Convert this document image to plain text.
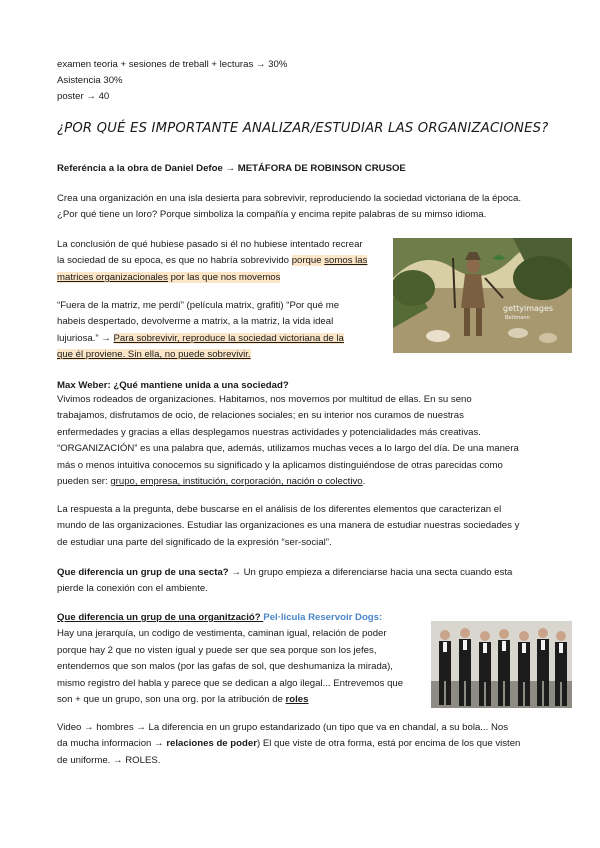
examen teoria + sesiones de treball + lecturas → 30%

Asistencia 30%

poster → 40

¿POR QUÉ ES IMPORTANTE ANALIZAR/ESTUDIAR LAS ORGANIZACIONES?

Referéncia a la obra de Daniel Defoe → METÁFORA DE ROBINSON CRUSOE

Crea una organización en una isla desierta para sobrevivir, reproduciendo la sociedad victoriana de la época.
¿Por qué tiene un loro? Porque simboliza la compañía y encima repite palabras de su mimso idioma.

La conclusión de qué hubiese pasado si él no hubiese intentado recrear
la sociedad de su epoca, es que no habría sobrevivido porque somos las
matrices organizacionales por las que nos movemos

“Fuera de la matriz, me perdí” (película matrix, grafiti) “Por qué me
habeis despertado, devolverme a matrix, a la matriz, la vida ideal
lujuriosa.” → Para sobrevivir, reproduce la sociedad victoriana de la
que él proviene. Sin ella, no puede sobrevivir.

gettyimages
Bettmann

Max Weber: ¿Qué mantiene unida a una sociedad?

Vivimos rodeados de organizaciones. Habitamos, nos movemos por multitud de ellas. En su seno
trabajamos, disfrutamos de ocio, de relaciones sociales; en su interior nos curamos de nuestras
enfermedades y gracias a ellas desplegamos nuestras actividades y potencialidades más creativas.
“ORGANIZACIÓN” es una palabra que, además, utilizamos muchas veces a lo largo del día. De una manera
más o menos intuitiva conocemos su significado y la aplicamos distinguiéndose de otras parecidas como
pueden ser: grupo, empresa, institución, corporación, nación o colectivo.

La respuesta a la pregunta, debe buscarse en el análisis de los diferentes elementos que caracterizan el
mundo de las organizaciones. Estudiar las organizaciones es una manera de estudiar nuestras sociedades y
de estudiar una parte del significado de la expresión “ser-social”.

Que diferencia un grup de una secta? → Un grupo empieza a diferenciarse hacia una secta cuando esta
pierde la conexión con el ambiente.

Que diferencia un grup de una organització? Pel·lícula Reservoir Dogs:
Hay una jerarquía, un codigo de vestimenta, caminan igual, relación de poder
porque hay 2 que no visten igual y puede ser que sea porque son los jefes,
entendemos que son malos (por las gafas de sol, que deshumaniza la mirada),
mismo registro del habla y parece que se dedican a algo ilegal... Entrevemos que
son + que un grupo, son una org. por la atribución de roles

Video → hombres → La diferencia en un grupo estandarizado (un tipo que va en chandal, a su bola... Nos
da mucha informacion → relaciones de poder) El que viste de otra forma, está por encima de los que visten
de uniforme. → ROLES.
